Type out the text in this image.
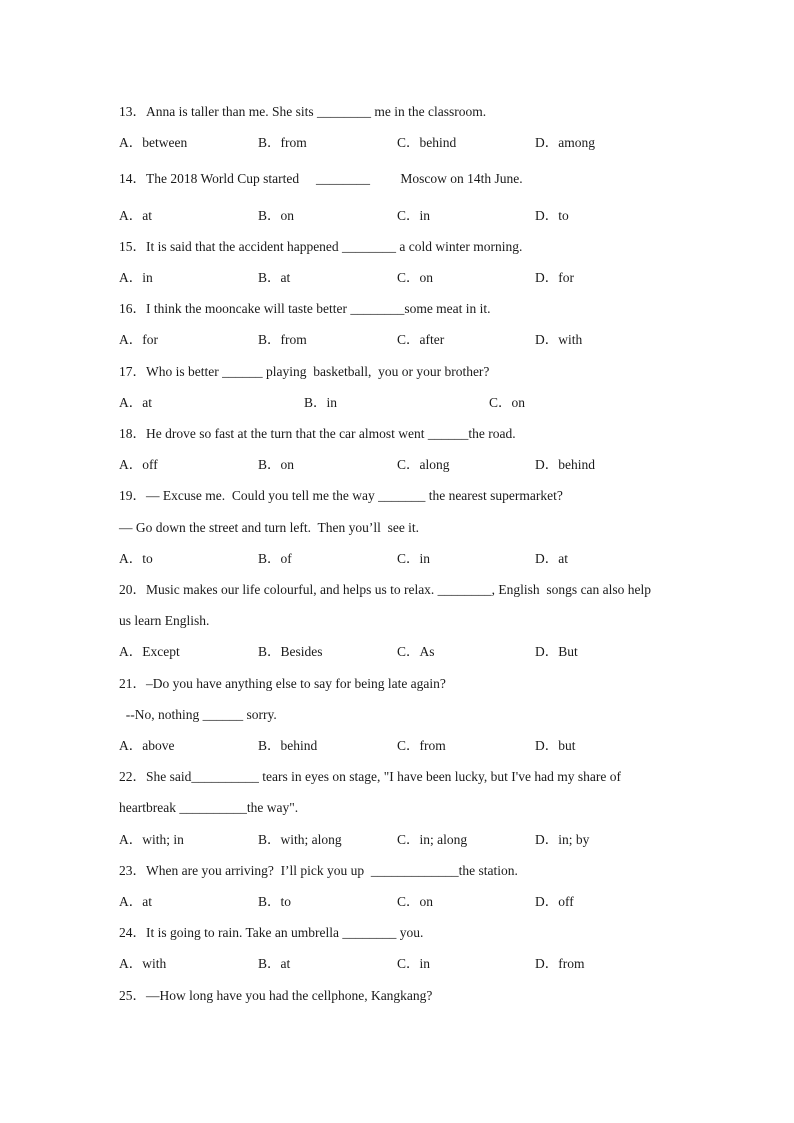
13．Anna is taller than me. She sits ________ me in the classroom.
A．between	B．from	C．behind	D．among
14．The 2018 World Cup started     ________         Moscow on 14th June.
A．at	B．on	C．in	D．to
15．It is said that the accident happened ________ a cold winter morning.
A．in	B．at	C．on	D．for
16．I think the mooncake will taste better ________some meat in it.
A．for	B．from	C．after	D．with
17．Who is better ______ playing  basketball,  you or your brother?
A．at	B．in	C．on
18．He drove so fast at the turn that the car almost went ______the road.
A．off	B．on	C．along	D．behind
19．— Excuse me.  Could you tell me the way _______ the nearest supermarket?
— Go down the street and turn left.  Then you’ll  see it.
A．to	B．of	C．in	D．at
20．Music makes our life colourful, and helps us to relax. ________, English  songs can also help
us learn English.
A．Except	B．Besides	C．As	D．But
21．–Do you have anything else to say for being late again?
--No, nothing ______ sorry.
A．above	B．behind	C．from	D．but
22．She said__________ tears in eyes on stage, "I have been lucky, but I've had my share of
heartbreak __________the way".
A．with; in	B．with; along	C．in; along	D．in; by
23．When are you arriving?  I’ll pick you up  _____________the station.
A．at	B．to	C．on	D．off
24．It is going to rain. Take an umbrella ________ you.
A．with	B．at	C．in	D．from
25．—How long have you had the cellphone, Kangkang?
